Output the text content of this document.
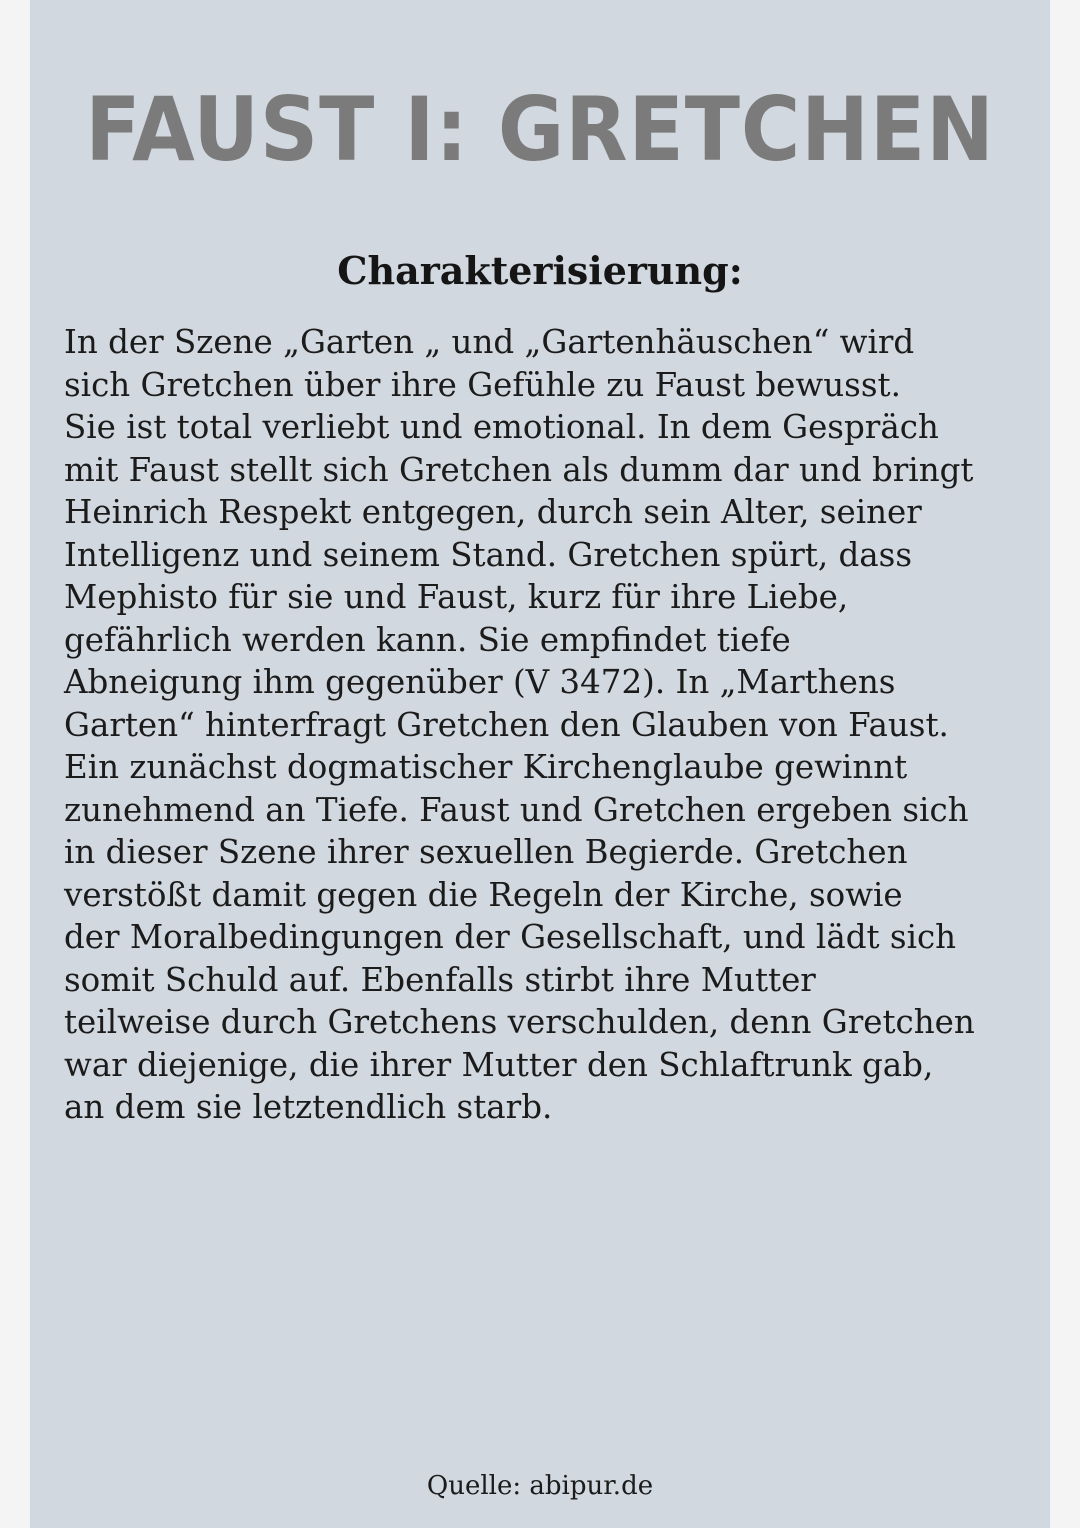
FAUST I: GRETCHEN
Charakterisierung:
In der Szene „Garten „ und „Gartenhäuschen“ wird
sich Gretchen über ihre Gefühle zu Faust bewusst.
Sie ist total verliebt und emotional. In dem Gespräch
mit Faust stellt sich Gretchen als dumm dar und bringt
Heinrich Respekt entgegen, durch sein Alter, seiner
Intelligenz und seinem Stand. Gretchen spürt, dass
Mephisto für sie und Faust, kurz für ihre Liebe,
gefährlich werden kann. Sie empfindet tiefe
Abneigung ihm gegenüber (V 3472). In „Marthens
Garten“ hinterfragt Gretchen den Glauben von Faust.
Ein zunächst dogmatischer Kirchenglaube gewinnt
zunehmend an Tiefe. Faust und Gretchen ergeben sich
in dieser Szene ihrer sexuellen Begierde. Gretchen
verstößt damit gegen die Regeln der Kirche, sowie
der Moralbedingungen der Gesellschaft, und lädt sich
somit Schuld auf. Ebenfalls stirbt ihre Mutter
teilweise durch Gretchens verschulden, denn Gretchen
war diejenige, die ihrer Mutter den Schlaftrunk gab,
an dem sie letztendlich starb.
Quelle: abipur.de
